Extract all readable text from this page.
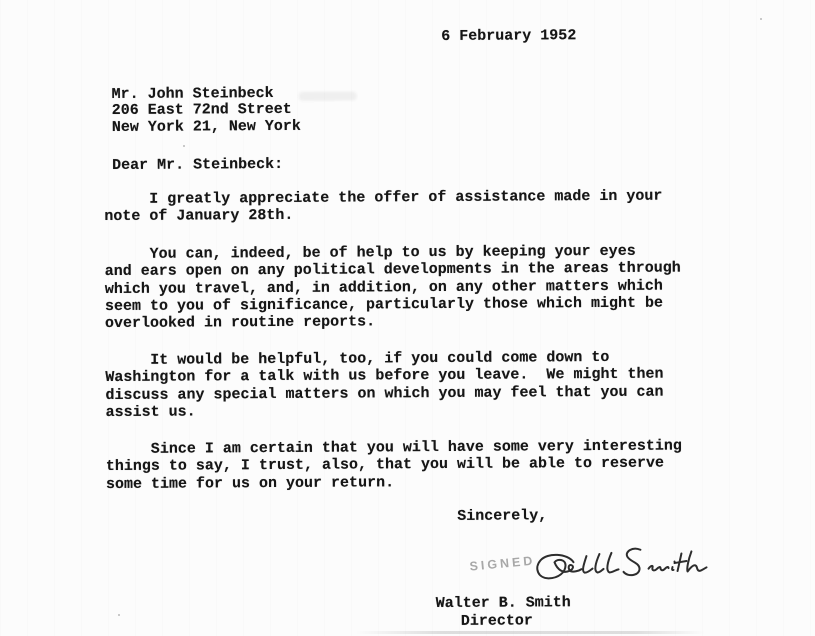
6 February 1952
Mr. John Steinbeck
206 East 72nd Street
New York 21, New York
Dear Mr. Steinbeck:
I greatly appreciate the offer of assistance made in your
note of January 28th.
You can, indeed, be of help to us by keeping your eyes
and ears open on any political developments in the areas through
which you travel, and, in addition, on any other matters which
seem to you of significance, particularly those which might be
overlooked in routine reports.
It would be helpful, too, if you could come down to
Washington for a talk with us before you leave.  We might then
discuss any special matters on which you may feel that you can
assist us.
Since I am certain that you will have some very interesting
things to say, I trust, also, that you will be able to reserve
some time for us on your return.
Sincerely,
SIGNED
Walter B. Smith
Director
